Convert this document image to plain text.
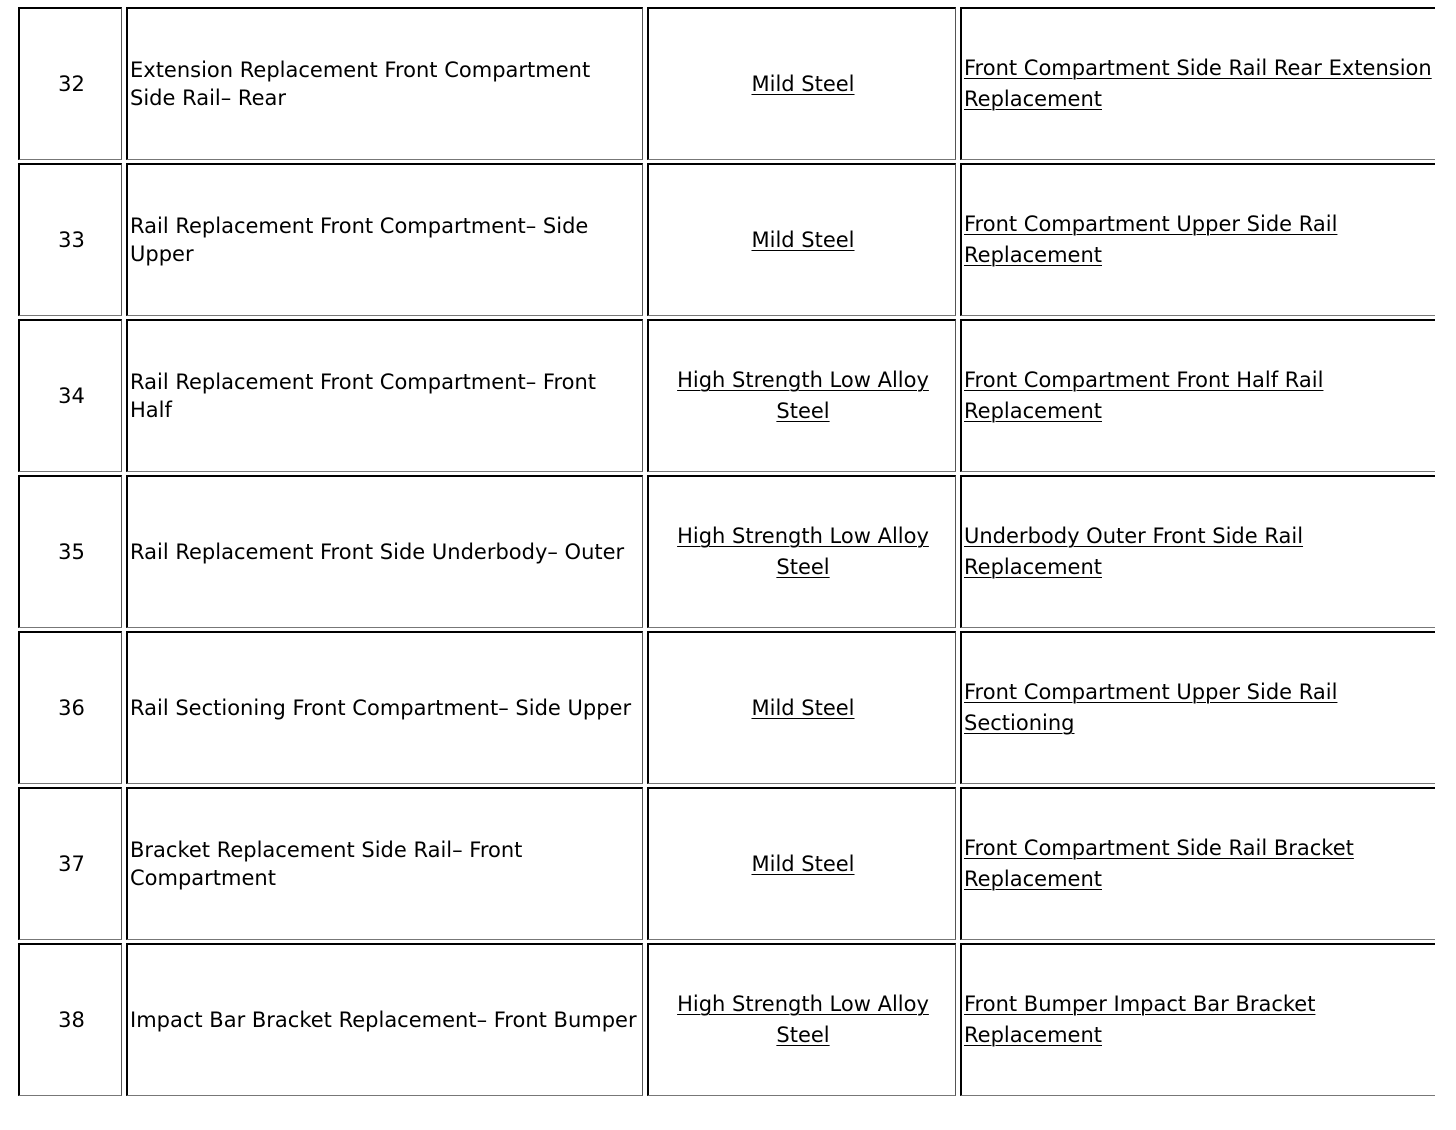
32	Extension Replacement Front Compartment Side Rail– Rear	Mild Steel	Front Compartment Side Rail Rear Extension Replacement
33	Rail Replacement Front Compartment– Side Upper	Mild Steel	Front Compartment Upper Side Rail Replacement
34	Rail Replacement Front Compartment– Front Half	High Strength Low Alloy Steel	Front Compartment Front Half Rail Replacement
35	Rail Replacement Front Side Underbody– Outer	High Strength Low Alloy Steel	Underbody Outer Front Side Rail Replacement
36	Rail Sectioning Front Compartment– Side Upper	Mild Steel	Front Compartment Upper Side Rail Sectioning
37	Bracket Replacement Side Rail– Front Compartment	Mild Steel	Front Compartment Side Rail Bracket Replacement
38	Impact Bar Bracket Replacement– Front Bumper	High Strength Low Alloy Steel	Front Bumper Impact Bar Bracket Replacement
